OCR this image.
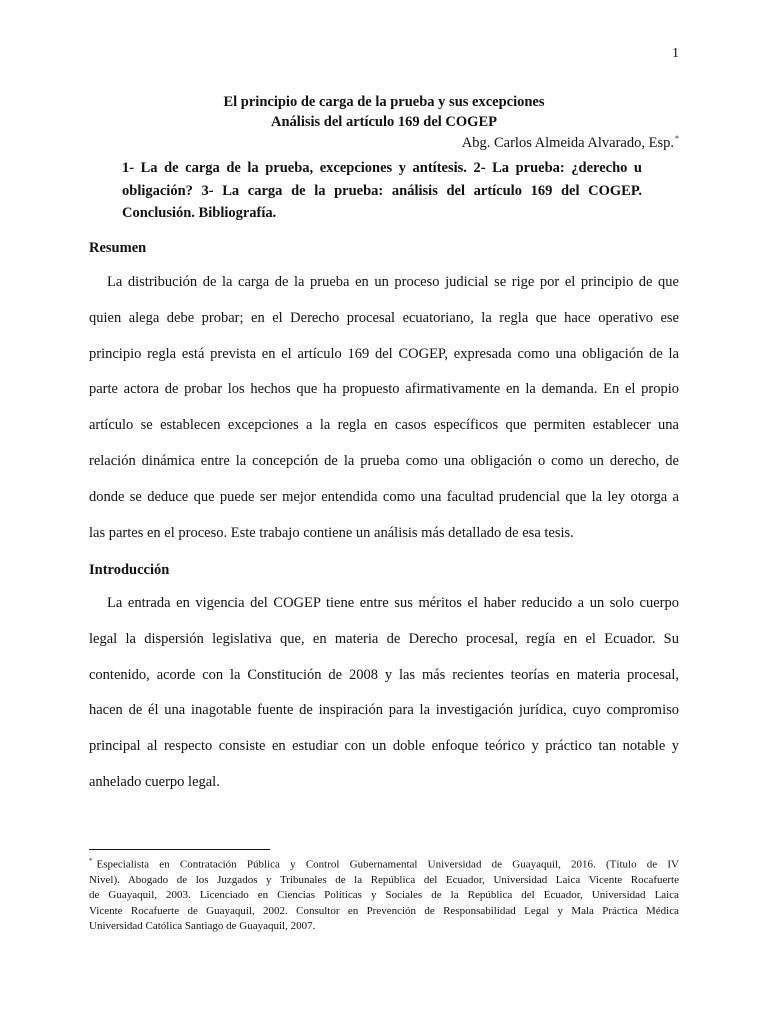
1
El principio de carga de la prueba y sus excepciones
Análisis del artículo 169 del COGEP
Abg. Carlos Almeida Alvarado, Esp.*
1- La de carga de la prueba, excepciones y antítesis. 2- La prueba: ¿derecho u obligación? 3- La carga de la prueba: análisis del artículo 169 del COGEP. Conclusión. Bibliografía.
Resumen
La distribución de la carga de la prueba en un proceso judicial se rige por el principio de que
quien alega debe probar; en el Derecho procesal ecuatoriano, la regla que hace operativo ese
principio regla está prevista en el artículo 169 del COGEP, expresada como una obligación de la
parte actora de probar los hechos que ha propuesto afirmativamente en la demanda. En el propio
artículo se establecen excepciones a la regla en casos específicos que permiten establecer una
relación dinámica entre la concepción de la prueba como una obligación o como un derecho, de
donde se deduce que puede ser mejor entendida como una facultad prudencial que la ley otorga a
las partes en el proceso. Este trabajo contiene un análisis más detallado de esa tesis.
Introducción
La entrada en vigencia del COGEP tiene entre sus méritos el haber reducido a un solo cuerpo
legal la dispersión legislativa que, en materia de Derecho procesal, regía en el Ecuador. Su
contenido, acorde con la Constitución de 2008 y las más recientes teorías en materia procesal,
hacen de él una inagotable fuente de inspiración para la investigación jurídica, cuyo compromiso
principal al respecto consiste en estudiar con un doble enfoque teórico y práctico tan notable y
anhelado cuerpo legal.
* Especialista en Contratación Pública y Control Gubernamental Universidad de Guayaquil, 2016. (Título de IV
Nivel). Abogado de los Juzgados y Tribunales de la República del Ecuador, Universidad Laica Vicente Rocafuerte
de Guayaquil, 2003. Licenciado en Ciencias Políticas y Sociales de la República del Ecuador, Universidad Laica
Vicente Rocafuerte de Guayaquil, 2002. Consultor en Prevención de Responsabilidad Legal y Mala Práctica Médica
Universidad Católica Santiago de Guayaquil, 2007.
